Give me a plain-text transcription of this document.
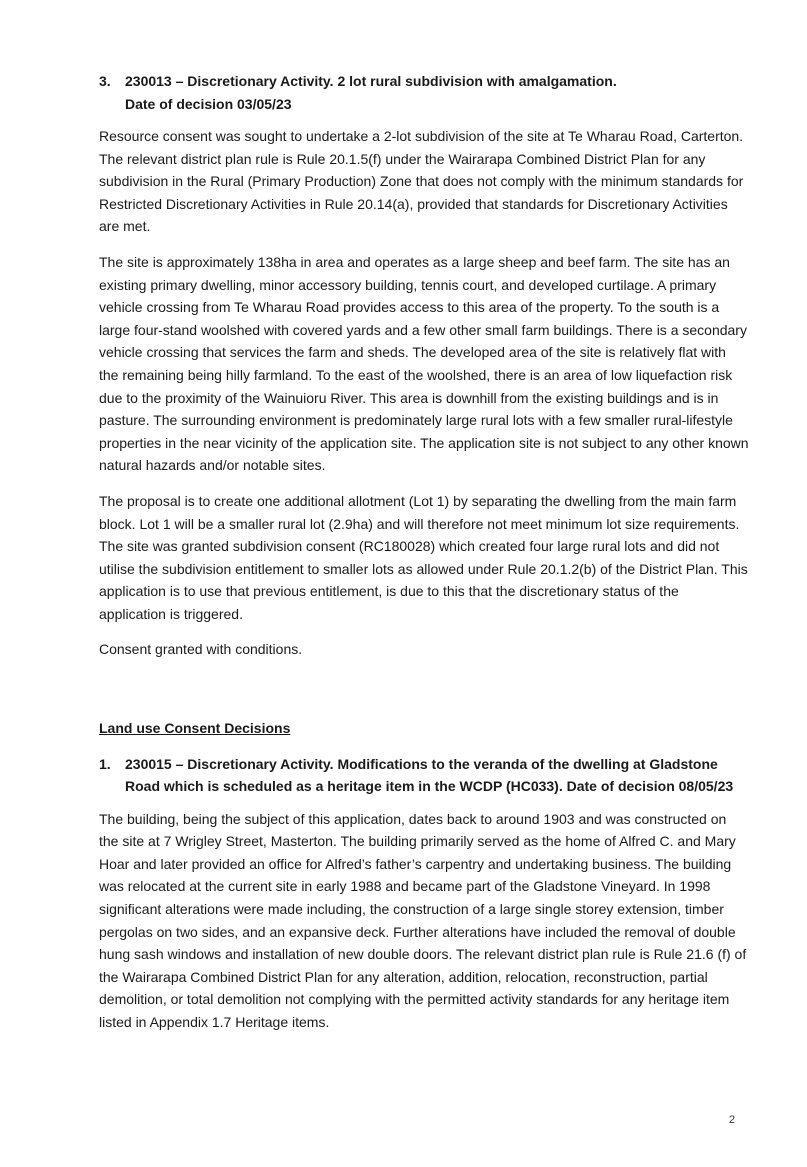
3.	230013 – Discretionary Activity. 2 lot rural subdivision with amalgamation.
Date of decision 03/05/23

Resource consent was sought to undertake a 2-lot subdivision of the site at Te Wharau Road, Carterton. The relevant district plan rule is Rule 20.1.5(f) under the Wairarapa Combined District Plan for any subdivision in the Rural (Primary Production) Zone that does not comply with the minimum standards for Restricted Discretionary Activities in Rule 20.14(a), provided that standards for Discretionary Activities are met.

The site is approximately 138ha in area and operates as a large sheep and beef farm. The site has an existing primary dwelling, minor accessory building, tennis court, and developed curtilage. A primary vehicle crossing from Te Wharau Road provides access to this area of the property. To the south is a large four-stand woolshed with covered yards and a few other small farm buildings. There is a secondary vehicle crossing that services the farm and sheds. The developed area of the site is relatively flat with the remaining being hilly farmland. To the east of the woolshed, there is an area of low liquefaction risk due to the proximity of the Wainuioru River. This area is downhill from the existing buildings and is in pasture. The surrounding environment is predominately large rural lots with a few smaller rural-lifestyle properties in the near vicinity of the application site. The application site is not subject to any other known natural hazards and/or notable sites.

The proposal is to create one additional allotment (Lot 1) by separating the dwelling from the main farm block. Lot 1 will be a smaller rural lot (2.9ha) and will therefore not meet minimum lot size requirements. The site was granted subdivision consent (RC180028) which created four large rural lots and did not utilise the subdivision entitlement to smaller lots as allowed under Rule 20.1.2(b) of the District Plan. This application is to use that previous entitlement, is due to this that the discretionary status of the application is triggered.

Consent granted with conditions.

Land use Consent Decisions
1.	230015 – Discretionary Activity. Modifications to the veranda of the dwelling at Gladstone
Road which is scheduled as a heritage item in the WCDP (HC033). Date of decision 08/05/23

The building, being the subject of this application, dates back to around 1903 and was constructed on the site at 7 Wrigley Street, Masterton. The building primarily served as the home of Alfred C. and Mary Hoar and later provided an office for Alfred’s father’s carpentry and undertaking business. The building was relocated at the current site in early 1988 and became part of the Gladstone Vineyard. In 1998 significant alterations were made including, the construction of a large single storey extension, timber pergolas on two sides, and an expansive deck. Further alterations have included the removal of double hung sash windows and installation of new double doors. The relevant district plan rule is Rule 21.6 (f) of the Wairarapa Combined District Plan for any alteration, addition, relocation, reconstruction, partial demolition, or total demolition not complying with the permitted activity standards for any heritage item listed in Appendix 1.7 Heritage items.

2
